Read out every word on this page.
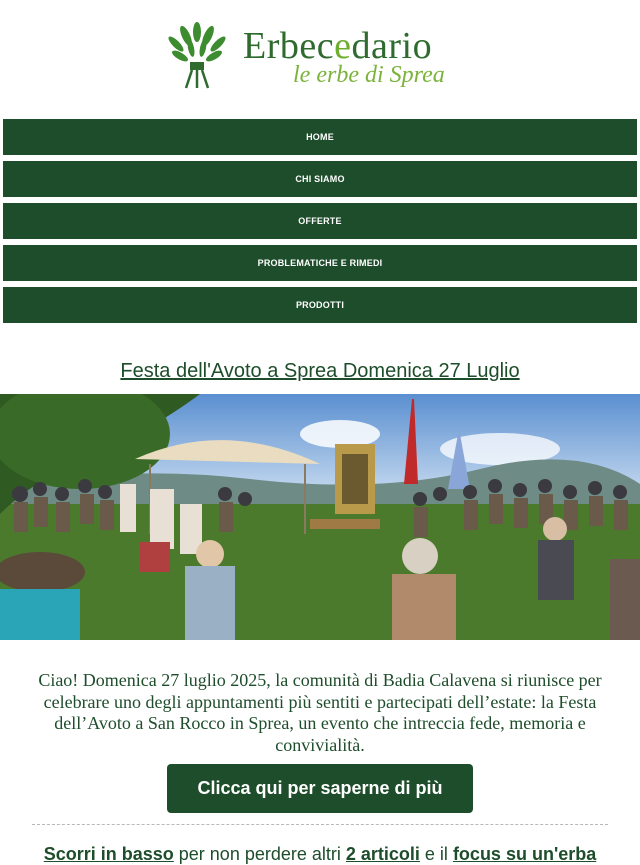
Erbecedario
le erbe di Sprea
HOME
CHI SIAMO
OFFERTE
PROBLEMATICHE E RIMEDI
PRODOTTI
Festa dell'Avoto a Sprea Domenica 27 Luglio
Ciao! Domenica 27 luglio 2025, la comunità di Badia Calavena si riunisce per celebrare uno degli appuntamenti più sentiti e partecipati dell’estate: la Festa dell’Avoto a San Rocco in Sprea, un evento che intreccia fede, memoria e convivialità.
Clicca qui per saperne di più
Scorri in basso per non perdere altri 2 articoli e il focus su un'erba
